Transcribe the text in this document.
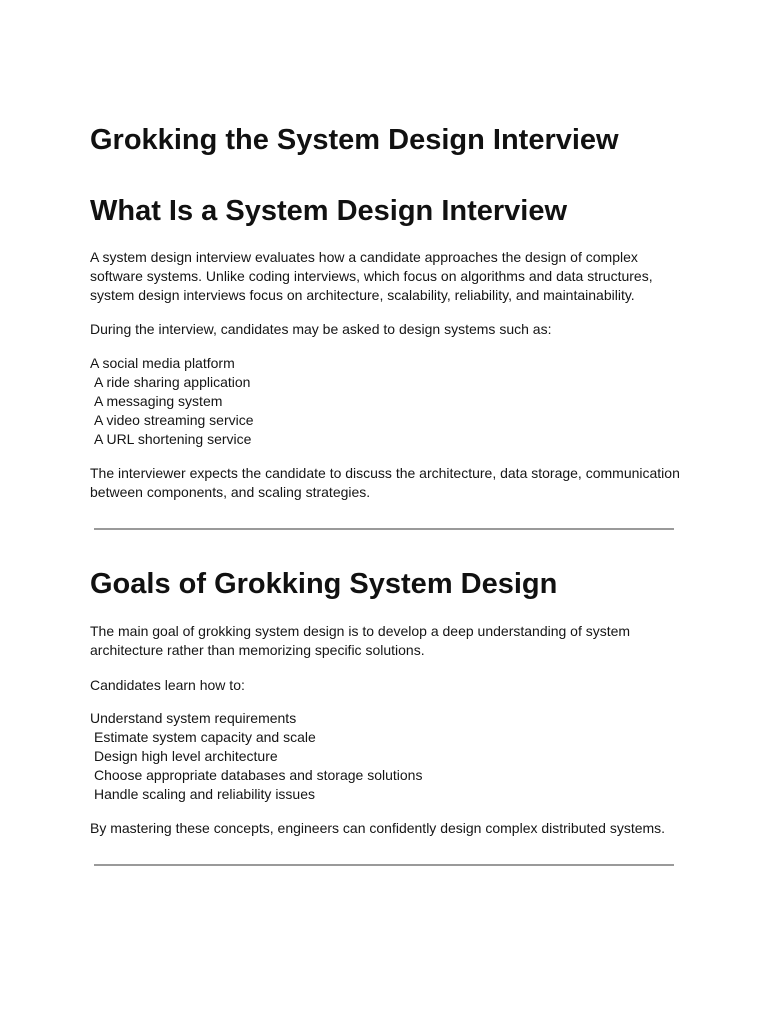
Grokking the System Design Interview
What Is a System Design Interview

A system design interview evaluates how a candidate approaches the design of complex software systems. Unlike coding interviews, which focus on algorithms and data structures, system design interviews focus on architecture, scalability, reliability, and maintainability.

During the interview, candidates may be asked to design systems such as:

A social media platform
A ride sharing application
A messaging system
A video streaming service
A URL shortening service

The interviewer expects the candidate to discuss the architecture, data storage, communication between components, and scaling strategies.

Goals of Grokking System Design

The main goal of grokking system design is to develop a deep understanding of system architecture rather than memorizing specific solutions.

Candidates learn how to:

Understand system requirements
Estimate system capacity and scale
Design high level architecture
Choose appropriate databases and storage solutions
Handle scaling and reliability issues

By mastering these concepts, engineers can confidently design complex distributed systems.
